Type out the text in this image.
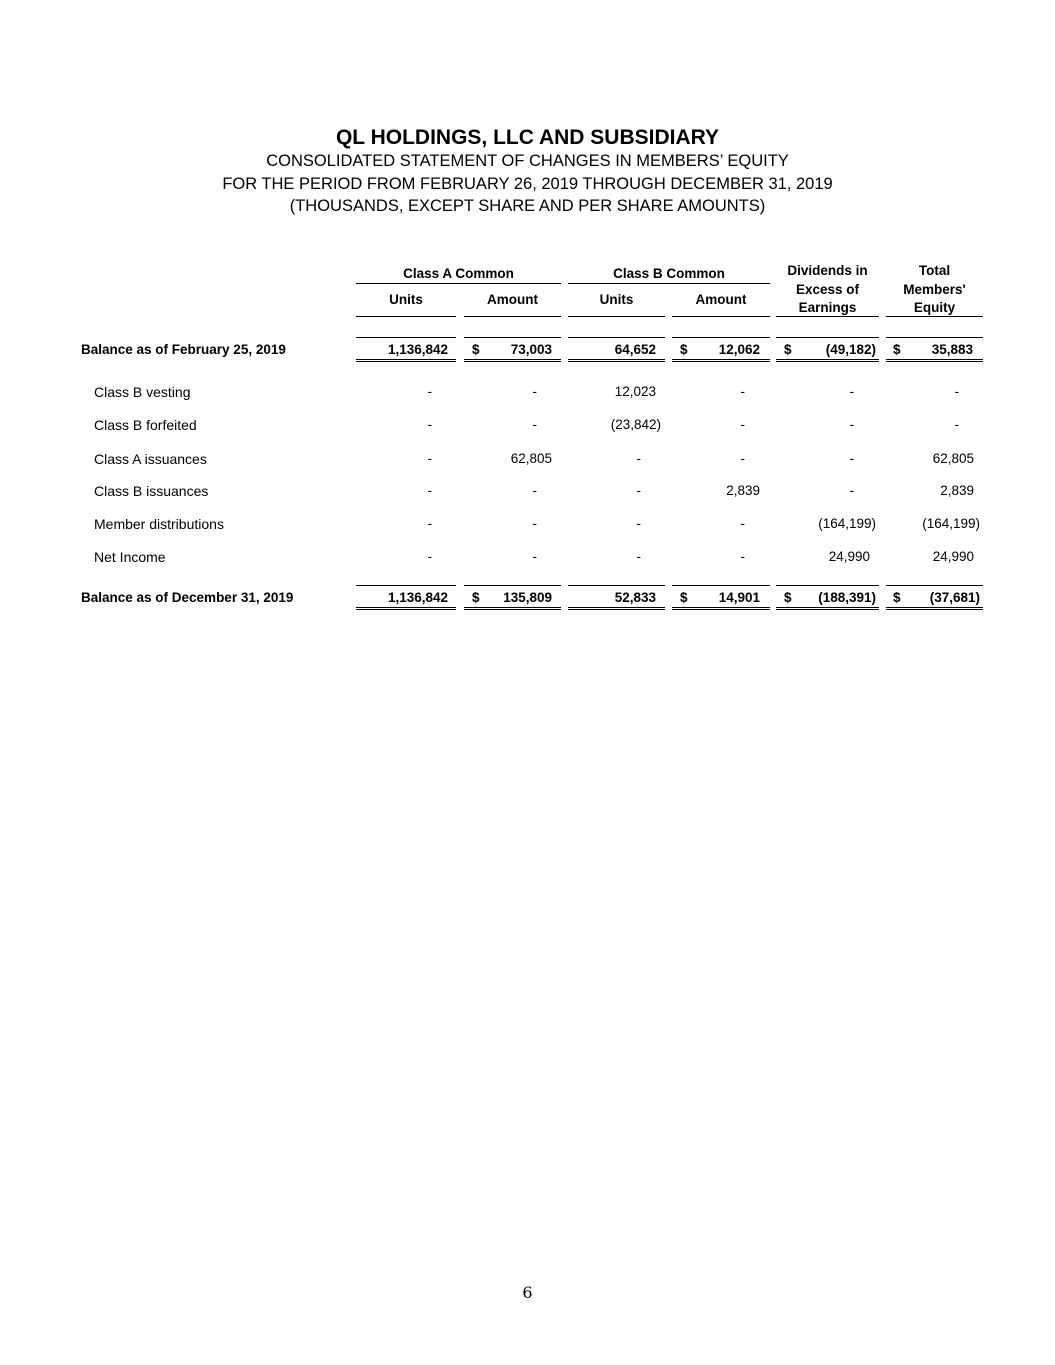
QL HOLDINGS, LLC AND SUBSIDIARY
CONSOLIDATED STATEMENT OF CHANGES IN MEMBERS’ EQUITY
FOR THE PERIOD FROM FEBRUARY 26, 2019 THROUGH DECEMBER 31, 2019
(THOUSANDS, EXCEPT SHARE AND PER SHARE AMOUNTS)
Class A Common	Class B Common
Units	Amount	Units	Amount
Dividends in
Excess of
Earnings
Total
Members'
Equity
Balance as of February 25, 2019	1,136,842 $	73,003	64,652 $	12,062 $	(49,182) $	35,883
Class B vesting	-	-	12,023	-	-	-
Class B forfeited	-	-	(23,842)	-	-	-
Class A issuances	-	62,805	-	-	-	62,805
Class B issuances	-	-	-	2,839	-	2,839
Member distributions	-	-	-	-	(164,199)	(164,199)
Net Income	-	-	-	-	24,990	24,990
Balance as of December 31, 2019	1,136,842 $	135,809	52,833 $	14,901 $	(188,391) $	(37,681)
6
